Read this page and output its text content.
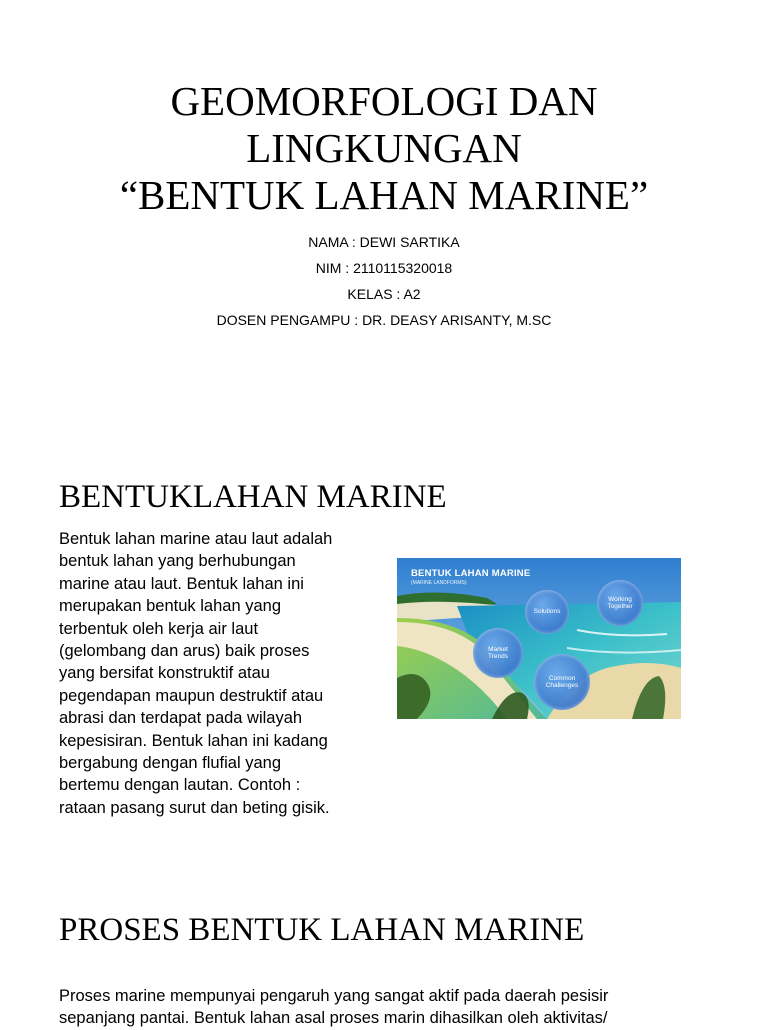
GEOMORFOLOGI DAN
LINGKUNGAN
“BENTUK LAHAN MARINE”
NAMA : DEWI SARTIKA
NIM : 2110115320018
KELAS : A2
DOSEN PENGAMPU : DR. DEASY ARISANTY, M.SC
BENTUKLAHAN MARINE
Bentuk lahan marine atau laut adalah
bentuk lahan yang berhubungan
marine atau laut. Bentuk lahan ini
merupakan bentuk lahan yang
terbentuk oleh kerja air laut
(gelombang dan arus) baik proses
yang bersifat konstruktif atau
pegendapan maupun destruktif atau
abrasi dan terdapat pada wilayah
kepesisiran. Bentuk lahan ini kadang
bergabung dengan flufial yang
bertemu dengan lautan. Contoh :
rataan pasang surut dan beting gisik.
BENTUK LAHAN MARINE
(MARINE LANDFORMS)
Solutions
Working
Together
Market
Trends
Common
Challenges
PROSES BENTUK LAHAN MARINE
Proses marine mempunyai pengaruh yang sangat aktif pada daerah pesisir
sepanjang pantai. Bentuk lahan asal proses marin dihasilkan oleh aktivitas/
